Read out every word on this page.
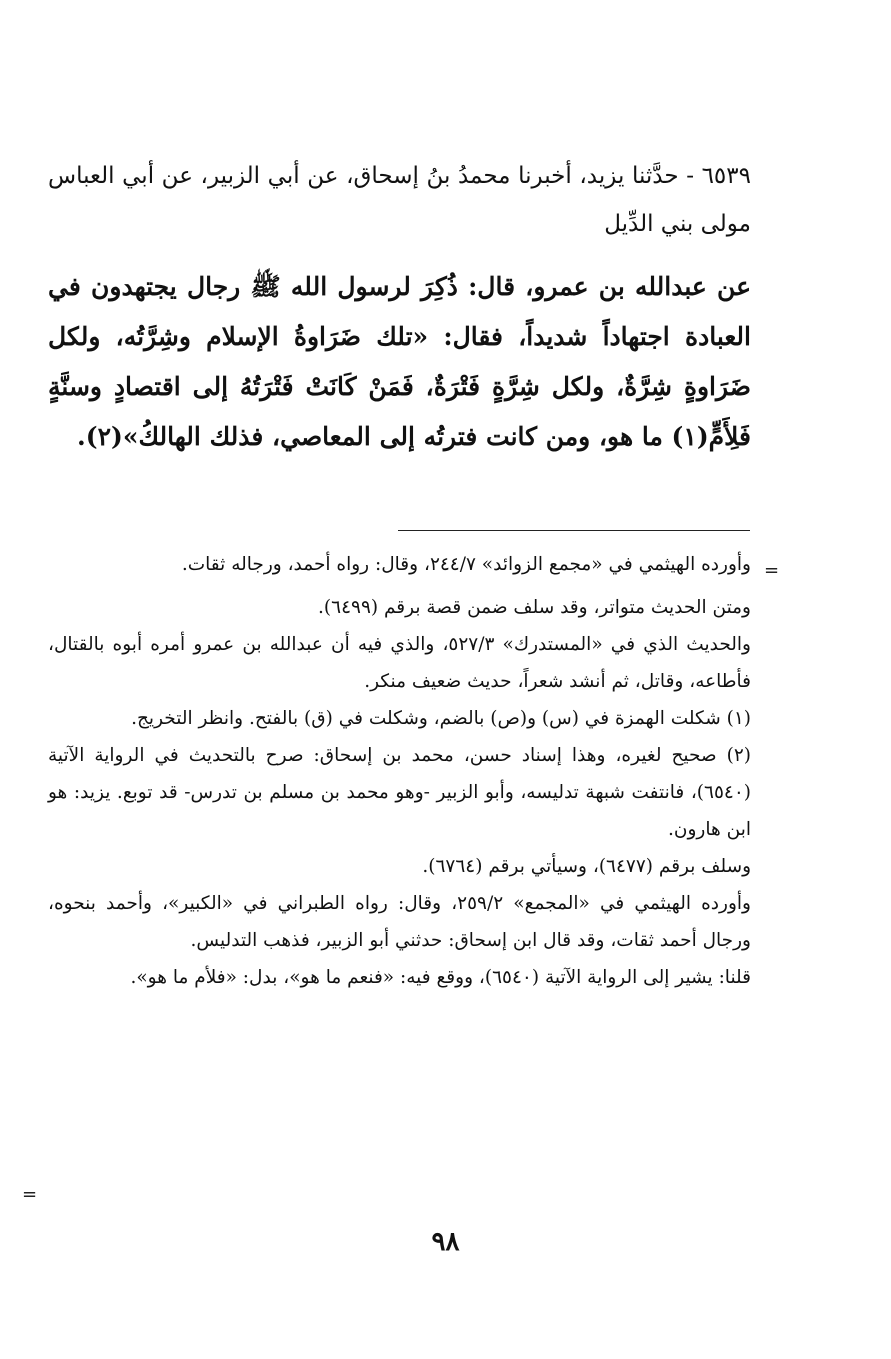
٦٥٣٩ - حدَّثنا يزيد، أخبرنا محمدُ بنُ إسحاق، عن أبي الزبير، عن أبي العباس مولى بني الدِّيل
عن عبدالله بن عمرو، قال: ذُكِرَ لرسول الله ﷺ رجال يجتهدون في العبادة اجتهاداً شديداً، فقال: «تلك ضَرَاوةُ الإسلام وشِرَّتُه، ولكل ضَرَاوةٍ شِرَّةٌ، ولكل شِرَّةٍ فَتْرَةٌ، فَمَنْ كَانَتْ فَتْرَتُهُ إلى اقتصادٍ وسنَّةٍ فَلِأَمٍّ(١) ما هو، ومن كانت فترتُه إلى المعاصي، فذلك الهالكُ»(٢).
=

وأورده الهيثمي في «مجمع الزوائد» ٢٤٤/٧، وقال: رواه أحمد، ورجاله ثقات.

ومتن الحديث متواتر، وقد سلف ضمن قصة برقم (٦٤٩٩).

والحديث الذي في «المستدرك» ٥٢٧/٣، والذي فيه أن عبدالله بن عمرو أمره أبوه بالقتال، فأطاعه، وقاتل، ثم أنشد شعراً، حديث ضعيف منكر.

(١) شكلت الهمزة في (س) و(ص) بالضم، وشكلت في (ق) بالفتح. وانظر التخريج.

(٢) صحيح لغيره، وهذا إسناد حسن، محمد بن إسحاق: صرح بالتحديث في الرواية الآتية (٦٥٤٠)، فانتفت شبهة تدليسه، وأبو الزبير -وهو محمد بن مسلم بن تدرس- قد توبع. يزيد: هو ابن هارون.

وسلف برقم (٦٤٧٧)، وسيأتي برقم (٦٧٦٤).

وأورده الهيثمي في «المجمع» ٢٥٩/٢، وقال: رواه الطبراني في «الكبير»، وأحمد بنحوه، ورجال أحمد ثقات، وقد قال ابن إسحاق: حدثني أبو الزبير، فذهب التدليس.

قلنا: يشير إلى الرواية الآتية (٦٥٤٠)، ووقع فيه: «فنعم ما هو»، بدل: «فلأم ما هو».

=
٩٨
